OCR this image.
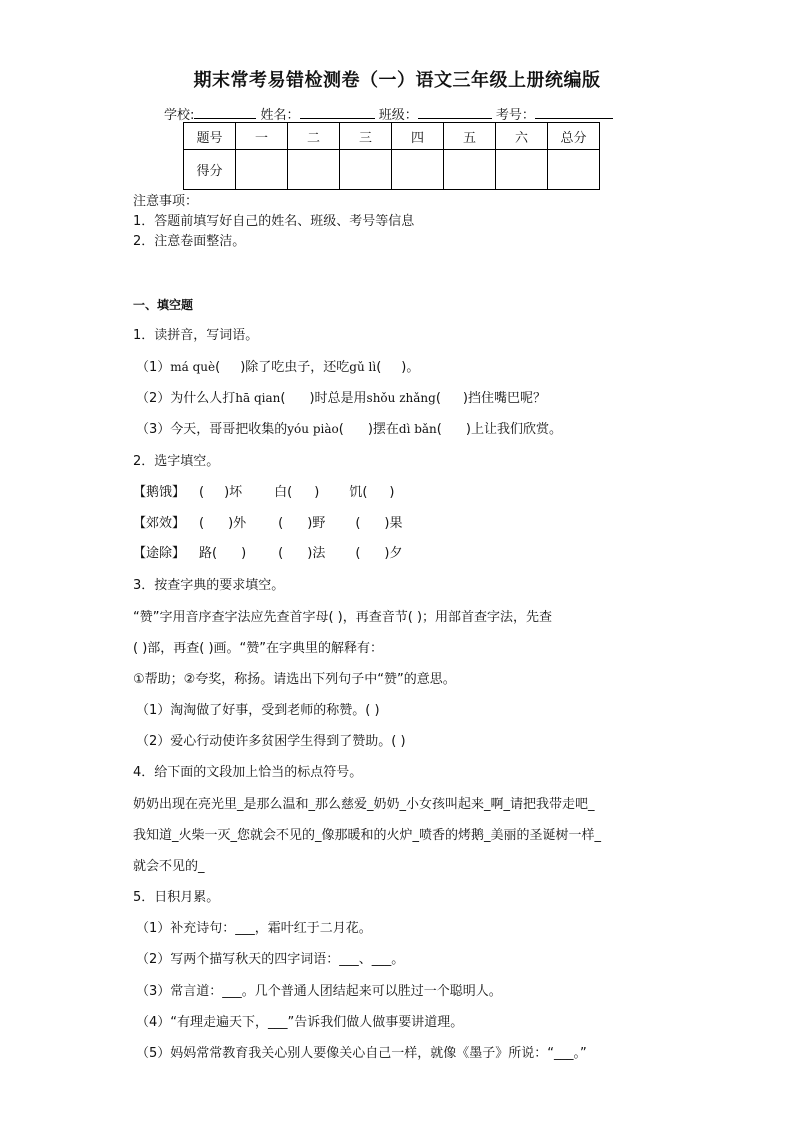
期末常考易错检测卷（一）语文三年级上册统编版
学校:	姓名：	班级：	考号：
题号	一	二	三	四	五	六	总分
得分							
注意事项：
1．答题前填写好自己的姓名、班级、考号等信息
2．注意卷面整洁。
一、填空题
1．读拼音，写词语。
（1）má què( )除了吃虫子，还吃gǔ lì( )。
（2）为什么人打hā qian( )时总是用shǒu zhǎng( )挡住嘴巴呢？
（3）今天，哥哥把收集的yóu piào( )摆在dì bǎn( )上让我们欣赏。
2．选字填空。
【鹅饿】 ( )坏 白( ) 饥( )
【郊效】 ( )外 ( )野 ( )果
【途除】 路( ) ( )法 ( )夕
3．按查字典的要求填空。
“赞”字用音序查字法应先查首字母( )，再查音节( )；用部首查字法，先查
( )部，再查( )画。“赞”在字典里的解释有：
①帮助；②夸奖，称扬。请选出下列句子中“赞”的意思。
（1）淘淘做了好事，受到老师的称赞。( )
（2）爱心行动使许多贫困学生得到了赞助。( )
4．给下面的文段加上恰当的标点符号。
奶奶出现在亮光里_是那么温和_那么慈爱_奶奶_小女孩叫起来_啊_请把我带走吧_
我知道_火柴一灭_您就会不见的_像那暖和的火炉_喷香的烤鹅_美丽的圣诞树一样_
就会不见的_
5．日积月累。
（1）补充诗句：___，霜叶红于二月花。
（2）写两个描写秋天的四字词语：___、___。
（3）常言道：___。几个普通人团结起来可以胜过一个聪明人。
（4）“有理走遍天下，___”告诉我们做人做事要讲道理。
（5）妈妈常常教育我关心别人要像关心自己一样，就像《墨子》所说：“___。”
